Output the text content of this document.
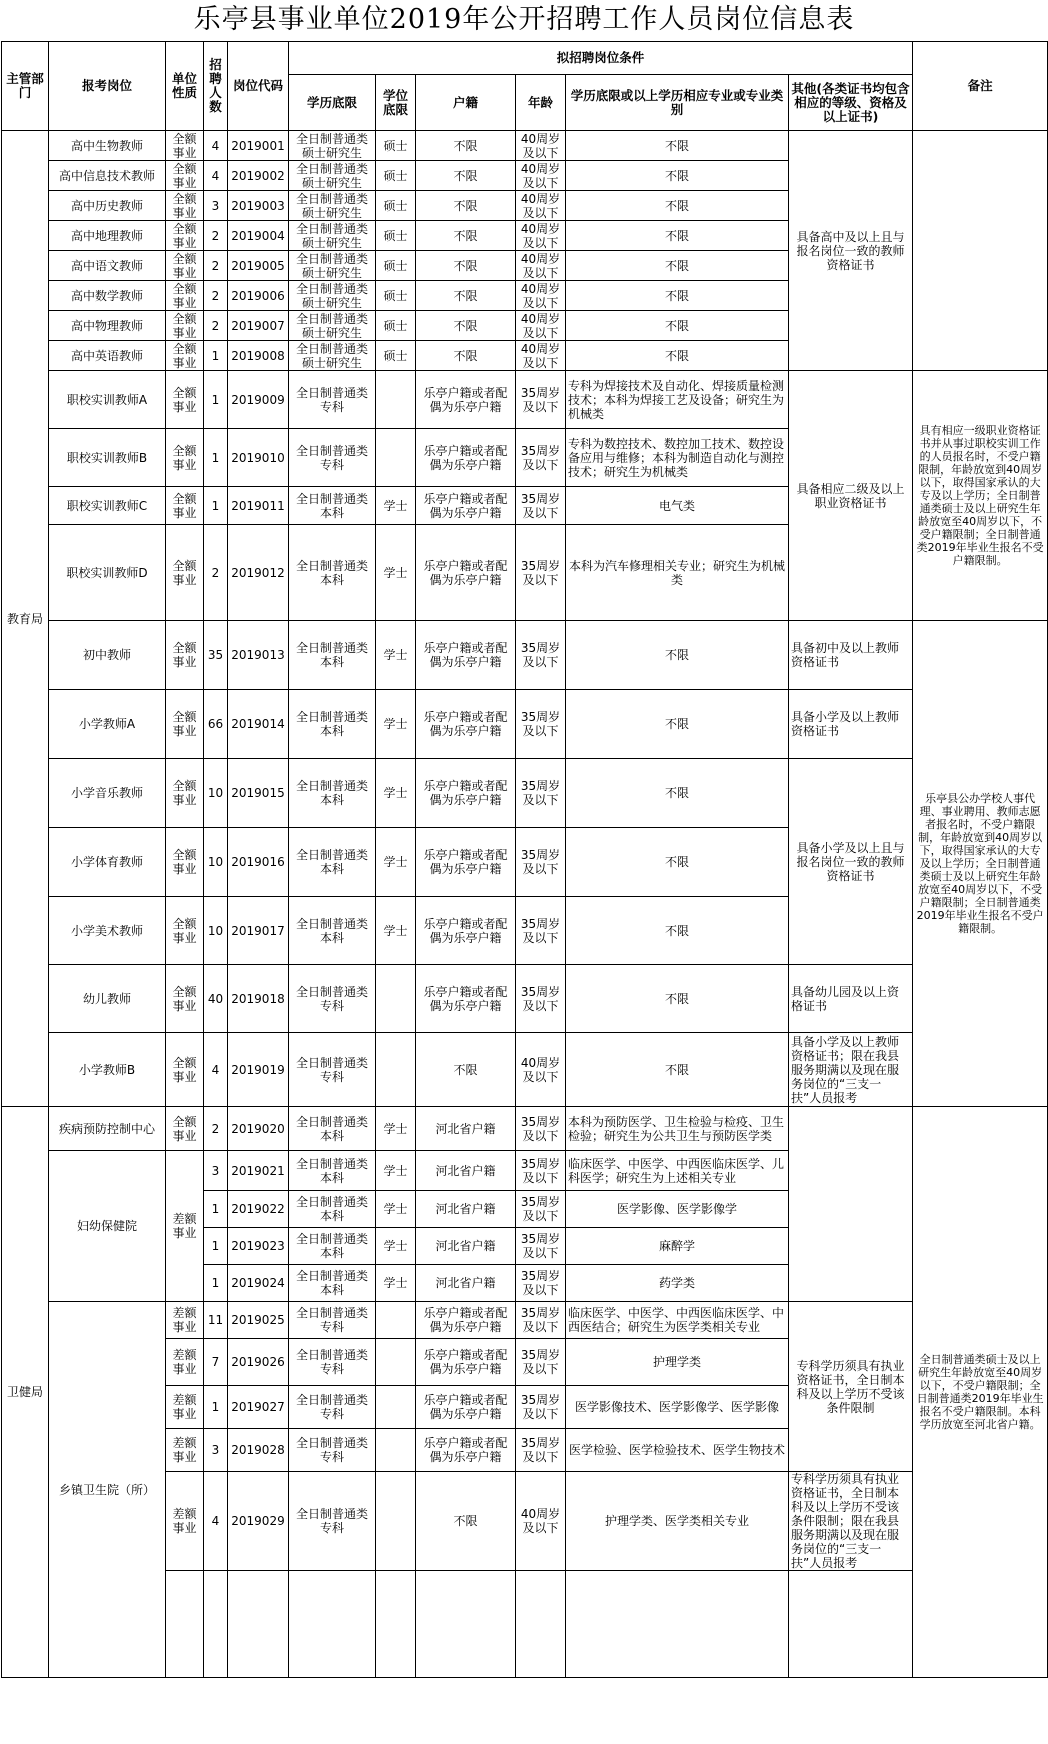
乐亭县事业单位2019年公开招聘工作人员岗位信息表
主管部门	报考岗位	单位性质	招聘人数	岗位代码	拟招聘岗位条件						备注
					学历底限	学位底限	户籍	年龄	学历底限或以上学历相应专业或专业类别	其他(各类证书均包含相应的等级、资格及以上证书)	
教育局	高中生物教师	全额事业	4	2019001	全日制普通类硕士研究生	硕士	不限	40周岁及以下	不限	具备高中及以上且与报名岗位一致的教师资格证书	
	高中信息技术教师	全额事业	4	2019002	全日制普通类硕士研究生	硕士	不限	40周岁及以下	不限		
	高中历史教师	全额事业	3	2019003	全日制普通类硕士研究生	硕士	不限	40周岁及以下	不限		
	高中地理教师	全额事业	2	2019004	全日制普通类硕士研究生	硕士	不限	40周岁及以下	不限		
	高中语文教师	全额事业	2	2019005	全日制普通类硕士研究生	硕士	不限	40周岁及以下	不限		
	高中数学教师	全额事业	2	2019006	全日制普通类硕士研究生	硕士	不限	40周岁及以下	不限		
	高中物理教师	全额事业	2	2019007	全日制普通类硕士研究生	硕士	不限	40周岁及以下	不限		
	高中英语教师	全额事业	1	2019008	全日制普通类硕士研究生	硕士	不限	40周岁及以下	不限		
	职校实训教师A	全额事业	1	2019009	全日制普通类专科		乐亭户籍或者配偶为乐亭户籍	35周岁及以下	专科为焊接技术及自动化、焊接质量检测技术；本科为焊接工艺及设备；研究生为机械类	具备相应二级及以上职业资格证书	具有相应一级职业资格证书并从事过职校实训工作的人员报名时，不受户籍限制，年龄放宽到40周岁以下，取得国家承认的大专及以上学历；全日制普通类硕士及以上研究生年龄放宽至40周岁以下，不受户籍限制；全日制普通类2019年毕业生报名不受户籍限制。
	职校实训教师B	全额事业	1	2019010	全日制普通类专科		乐亭户籍或者配偶为乐亭户籍	35周岁及以下	专科为数控技术、数控加工技术、数控设备应用与维修；本科为制造自动化与测控技术；研究生为机械类		
	职校实训教师C	全额事业	1	2019011	全日制普通类本科	学士	乐亭户籍或者配偶为乐亭户籍	35周岁及以下	电气类		
	职校实训教师D	全额事业	2	2019012	全日制普通类本科	学士	乐亭户籍或者配偶为乐亭户籍	35周岁及以下	本科为汽车修理相关专业；研究生为机械类		
	初中教师	全额事业	35	2019013	全日制普通类本科	学士	乐亭户籍或者配偶为乐亭户籍	35周岁及以下	不限	具备初中及以上教师资格证书	乐亭县公办学校人事代理、事业聘用、教师志愿者报名时，不受户籍限制，年龄放宽到40周岁以下，取得国家承认的大专及以上学历；全日制普通类硕士及以上研究生年龄放宽至40周岁以下，不受户籍限制；全日制普通类2019年毕业生报名不受户籍限制。
	小学教师A	全额事业	66	2019014	全日制普通类本科	学士	乐亭户籍或者配偶为乐亭户籍	35周岁及以下	不限	具备小学及以上教师资格证书	
	小学音乐教师	全额事业	10	2019015	全日制普通类本科	学士	乐亭户籍或者配偶为乐亭户籍	35周岁及以下	不限	具备小学及以上且与报名岗位一致的教师资格证书	
	小学体育教师	全额事业	10	2019016	全日制普通类本科	学士	乐亭户籍或者配偶为乐亭户籍	35周岁及以下	不限		
	小学美术教师	全额事业	10	2019017	全日制普通类本科	学士	乐亭户籍或者配偶为乐亭户籍	35周岁及以下	不限		
	幼儿教师	全额事业	40	2019018	全日制普通类专科		乐亭户籍或者配偶为乐亭户籍	35周岁及以下	不限	具备幼儿园及以上资格证书	
	小学教师B	全额事业	4	2019019	全日制普通类专科		不限	40周岁及以下	不限	具备小学及以上教师资格证书；限在我县服务期满以及现在服务岗位的“三支一扶”人员报考	
卫健局	疾病预防控制中心	全额事业	2	2019020	全日制普通类本科	学士	河北省户籍	35周岁及以下	本科为预防医学、卫生检验与检疫、卫生检验；研究生为公共卫生与预防医学类		全日制普通类硕士及以上研究生年龄放宽至40周岁以下，不受户籍限制；全日制普通类2019年毕业生报名不受户籍限制。本科学历放宽至河北省户籍。
	妇幼保健院	差额事业	3	2019021	全日制普通类本科	学士	河北省户籍	35周岁及以下	临床医学、中医学、中西医临床医学、儿科医学；研究生为上述相关专业		
			1	2019022	全日制普通类本科	学士	河北省户籍	35周岁及以下	医学影像、医学影像学		
			1	2019023	全日制普通类本科	学士	河北省户籍	35周岁及以下	麻醉学		
			1	2019024	全日制普通类本科	学士	河北省户籍	35周岁及以下	药学类		
	乡镇卫生院（所）	差额事业	11	2019025	全日制普通类专科		乐亭户籍或者配偶为乐亭户籍	35周岁及以下	临床医学、中医学、中西医临床医学、中西医结合；研究生为医学类相关专业	专科学历须具有执业资格证书，全日制本科及以上学历不受该条件限制	
		差额事业	7	2019026	全日制普通类专科		乐亭户籍或者配偶为乐亭户籍	35周岁及以下	护理学类		
		差额事业	1	2019027	全日制普通类专科		乐亭户籍或者配偶为乐亭户籍	35周岁及以下	医学影像技术、医学影像学、医学影像		
		差额事业	3	2019028	全日制普通类专科		乐亭户籍或者配偶为乐亭户籍	35周岁及以下	医学检验、医学检验技术、医学生物技术		
		差额事业	4	2019029	全日制普通类专科		不限	40周岁及以下	护理学类、医学类相关专业	专科学历须具有执业资格证书，全日制本科及以上学历不受该条件限制；限在我县服务期满以及现在服务岗位的“三支一扶”人员报考	
